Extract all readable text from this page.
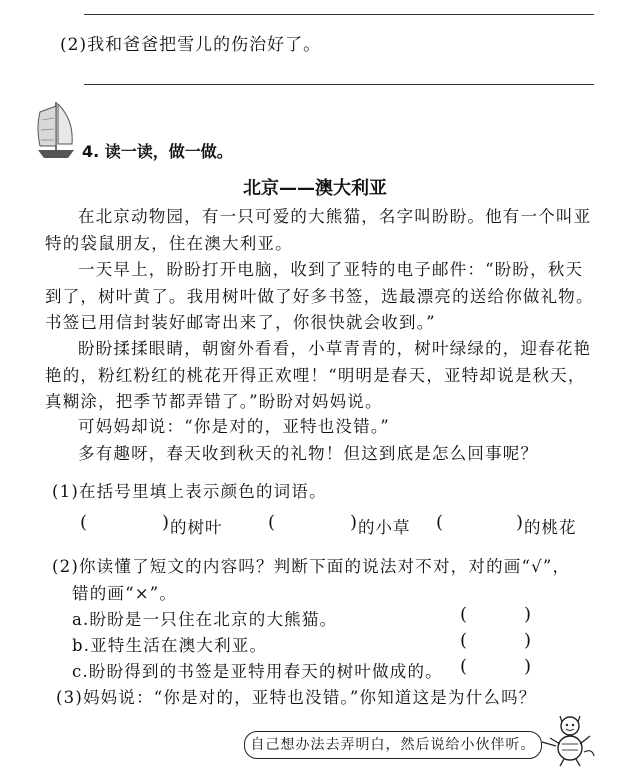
(2)我和爸爸把雪儿的伤治好了。
4. 读一读，做一做。
北京——澳大利亚
在北京动物园，有一只可爱的大熊猫，名字叫盼盼。他有一个叫亚特的袋鼠朋友，住在澳大利亚。
一天早上，盼盼打开电脑，收到了亚特的电子邮件：“盼盼，秋天到了，树叶黄了。我用树叶做了好多书签，选最漂亮的送给你做礼物。书签已用信封装好邮寄出来了，你很快就会收到。”
盼盼揉揉眼睛，朝窗外看看，小草青青的，树叶绿绿的，迎春花艳艳的，粉红粉红的桃花开得正欢哩！“明明是春天，亚特却说是秋天，真糊涂，把季节都弄错了。”盼盼对妈妈说。
可妈妈却说：“你是对的，亚特也没错。”
多有趣呀，春天收到秋天的礼物！但这到底是怎么回事呢？
(1)在括号里填上表示颜色的词语。
(	) 的树叶	(	) 的小草 (	) 的桃花
(2)你读懂了短文的内容吗？判断下面的说法对不对，对的画“√”，
错的画“×”。
a.盼盼是一只住在北京的大熊猫。	(	)
b.亚特生活在澳大利亚。	(	)
c.盼盼得到的书签是亚特用春天的树叶做成的。 (	)
(3)妈妈说：“你是对的，亚特也没错。”你知道这是为什么吗？
自己想办法去弄明白，然后说给小伙伴听。
